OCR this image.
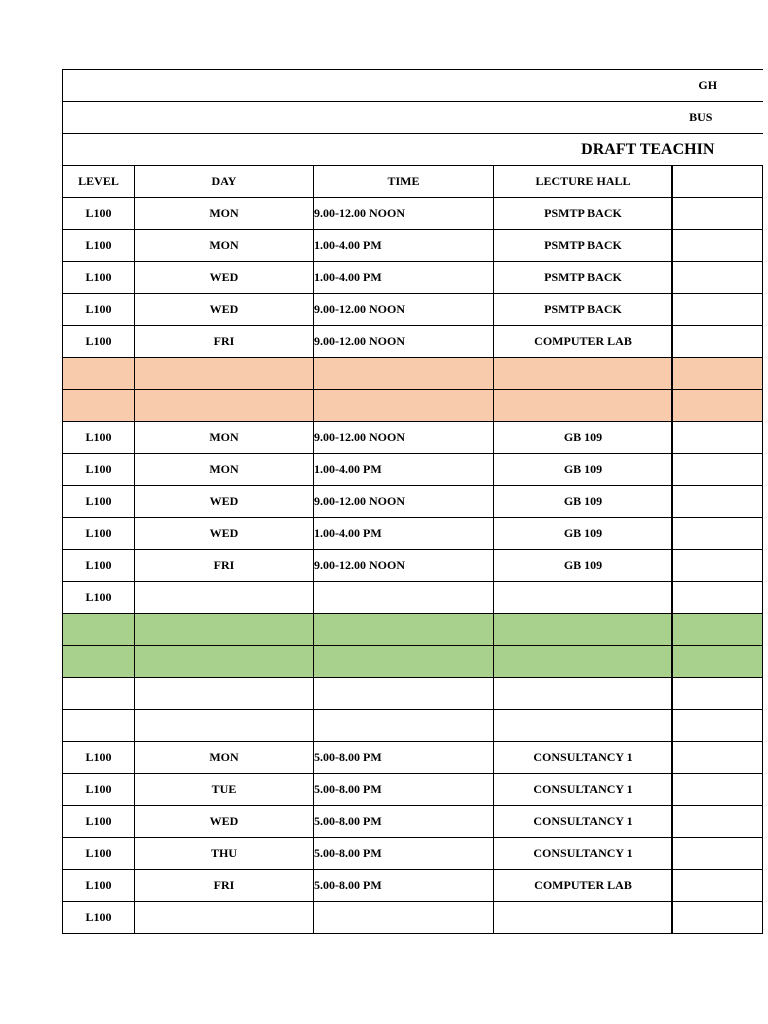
GH				
BUS				
DRAFT TEACHIN				
LEVEL	DAY	TIME	LECTURE HALL	
L100	MON	9.00-12.00 NOON	PSMTP BACK	
L100	MON	1.00-4.00 PM	PSMTP BACK	
L100	WED	1.00-4.00 PM	PSMTP BACK	
L100	WED	9.00-12.00 NOON	PSMTP BACK	
L100	FRI	9.00-12.00 NOON	COMPUTER LAB	

L100	MON	9.00-12.00 NOON	GB 109	
L100	MON	1.00-4.00 PM	GB 109	
L100	WED	9.00-12.00 NOON	GB 109	
L100	WED	1.00-4.00 PM	GB 109	
L100	FRI	9.00-12.00 NOON	GB 109	
L100				

L100	MON	5.00-8.00 PM	CONSULTANCY 1	
L100	TUE	5.00-8.00 PM	CONSULTANCY 1	
L100	WED	5.00-8.00 PM	CONSULTANCY 1	
L100	THU	5.00-8.00 PM	CONSULTANCY 1	
L100	FRI	5.00-8.00 PM	COMPUTER LAB	
L100				
